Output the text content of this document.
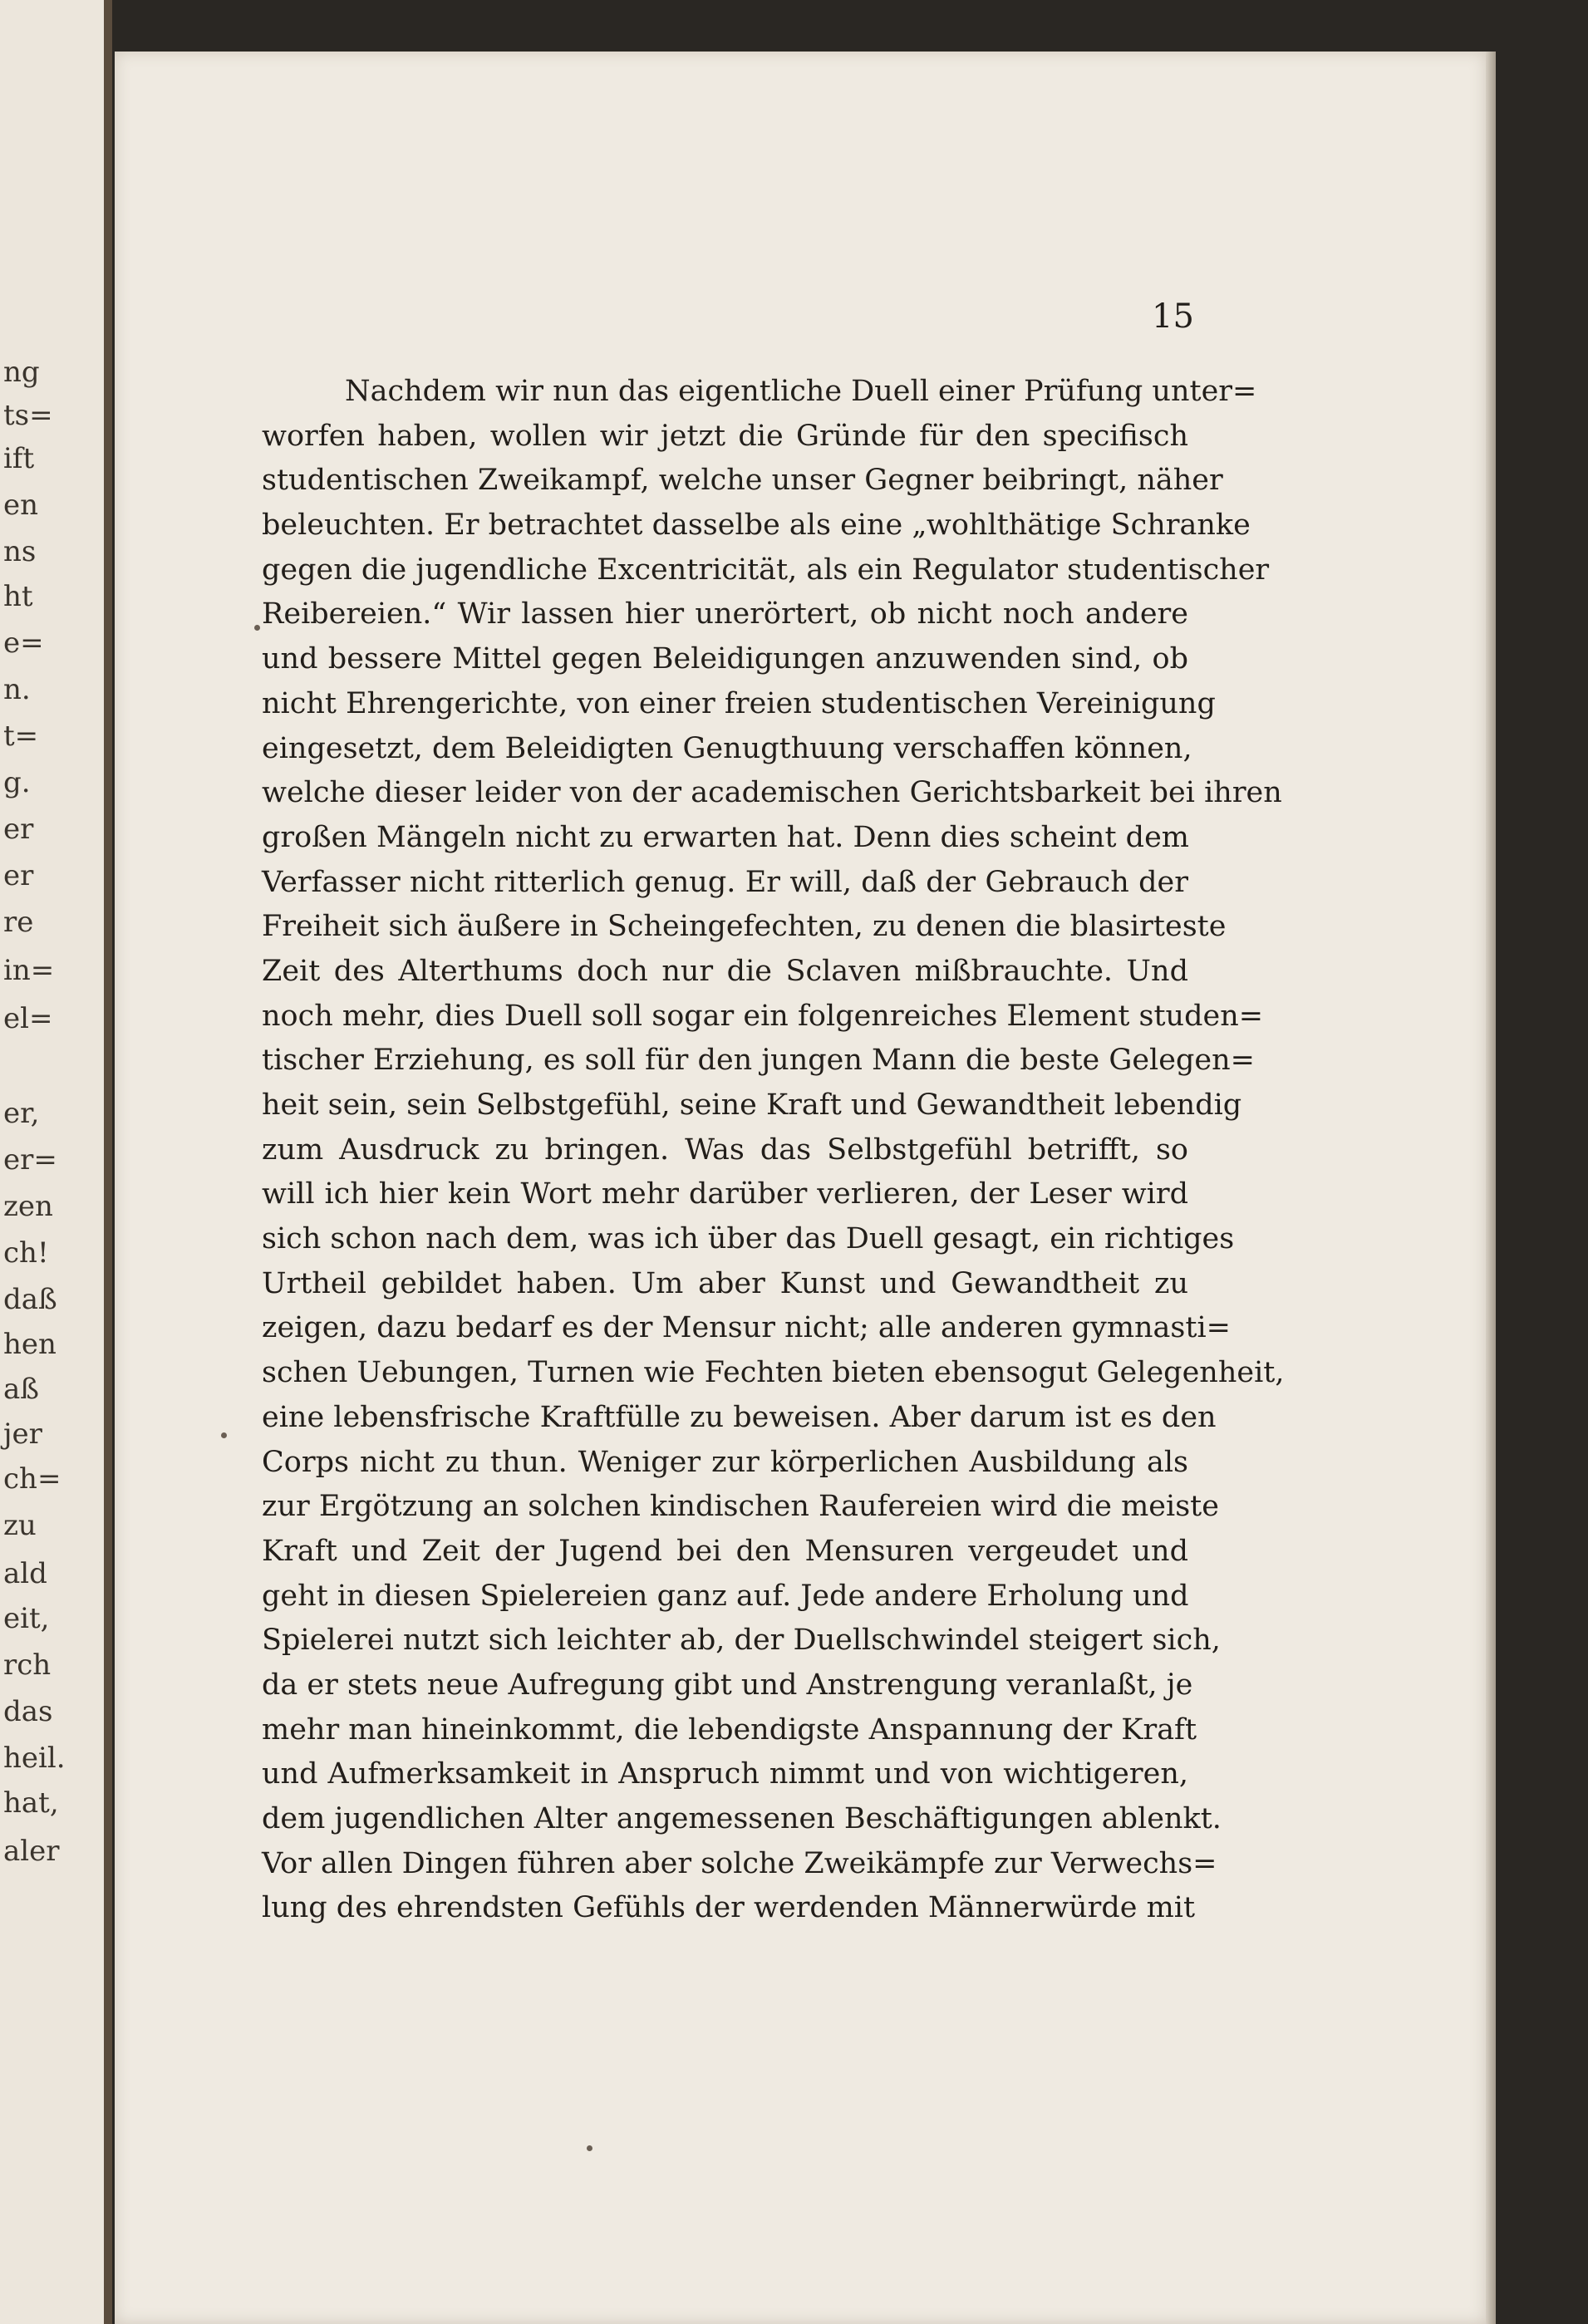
ng
ts=
ift
en
ns
ht
e=
n.
t=
g.
er
er
re
in=
el=
er,
er=
zen
ch!
daß
hen
aß
jer
ch=
zu
ald
eit,
rch
das
heil.
hat,
aler
15
Nachdem wir nun das eigentliche Duell einer Prüfung unter=
worfen haben, wollen wir jetzt die Gründe für den specifisch
studentischen Zweikampf, welche unser Gegner beibringt, näher
beleuchten. Er betrachtet dasselbe als eine „wohlthätige Schranke
gegen die jugendliche Excentricität, als ein Regulator studentischer
Reibereien.“ Wir lassen hier unerörtert, ob nicht noch andere
und bessere Mittel gegen Beleidigungen anzuwenden sind, ob
nicht Ehrengerichte, von einer freien studentischen Vereinigung
eingesetzt, dem Beleidigten Genugthuung verschaffen können,
welche dieser leider von der academischen Gerichtsbarkeit bei ihren
großen Mängeln nicht zu erwarten hat. Denn dies scheint dem
Verfasser nicht ritterlich genug. Er will, daß der Gebrauch der
Freiheit sich äußere in Scheingefechten, zu denen die blasirteste
Zeit des Alterthums doch nur die Sclaven mißbrauchte. Und
noch mehr, dies Duell soll sogar ein folgenreiches Element studen=
tischer Erziehung, es soll für den jungen Mann die beste Gelegen=
heit sein, sein Selbstgefühl, seine Kraft und Gewandtheit lebendig
zum Ausdruck zu bringen. Was das Selbstgefühl betrifft, so
will ich hier kein Wort mehr darüber verlieren, der Leser wird
sich schon nach dem, was ich über das Duell gesagt, ein richtiges
Urtheil gebildet haben. Um aber Kunst und Gewandtheit zu
zeigen, dazu bedarf es der Mensur nicht; alle anderen gymnasti=
schen Uebungen, Turnen wie Fechten bieten ebensogut Gelegenheit,
eine lebensfrische Kraftfülle zu beweisen. Aber darum ist es den
Corps nicht zu thun. Weniger zur körperlichen Ausbildung als
zur Ergötzung an solchen kindischen Raufereien wird die meiste
Kraft und Zeit der Jugend bei den Mensuren vergeudet und
geht in diesen Spielereien ganz auf. Jede andere Erholung und
Spielerei nutzt sich leichter ab, der Duellschwindel steigert sich,
da er stets neue Aufregung gibt und Anstrengung veranlaßt, je
mehr man hineinkommt, die lebendigste Anspannung der Kraft
und Aufmerksamkeit in Anspruch nimmt und von wichtigeren,
dem jugendlichen Alter angemessenen Beschäftigungen ablenkt.
Vor allen Dingen führen aber solche Zweikämpfe zur Verwechs=
lung des ehrendsten Gefühls der werdenden Männerwürde mit
